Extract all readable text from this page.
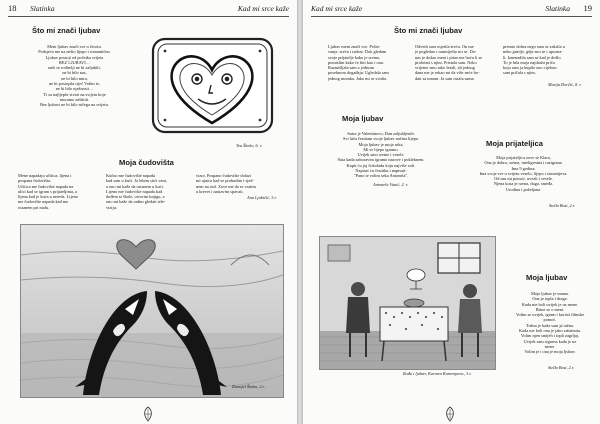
18 Slatinka	Kad mi srce kaže
Što mi znači ljubav
Meni ljubav znači sve u životu.
Podsjeća me na nešto lijepo i romantično.
Ljubav postoji od početka svijeta
BEZ LJUBAVI…
naši se roditelji ne bi zaljubili,
ne bi bilo nas,
ne bi bilo mira,
ne bi postojala riječ Volim te,
ne bi bilo nježnosti…
Ti su najljepše stvari na svijetu koje
moramo zaštititi.
Bez ljubavi ne bi bilo ničega na svijetu.
Tea Škoko, 6. r.
Moja čudovišta
Mene napadaju učitica, lijena i
pospana čudovišta.
Učitica me čudovište napada na
ulici kad se igram s prijateljima, a
lijena kad je kuća u nereda. Lijeno
me čudovište napada kad me
ostanem pri malu.
Kučno me čudovište napada
kad sam u kući. Ja lebim stići vani,
a ono mi kaže da ostanem u kući.
Lijeno me čudovište napada kad
dođem iz škole, otvorim knjigu, a
ono mi kaže da radim gledati tele-
viziju.
vizor. Pospano čudovište dolazi
mi ujutro kad se probudim i sjed-
nem na stol. Zove me da se vratim
u krevet i nastavim spavati.
Ana Ljubičić, 3.r.
Damijel Škoko, 2.r.
Kad mi srce kaže	Slatinka 19
Što mi znači ljubav
Ljubav meni znači sve. Pošto-
vanje, sreću i radost. Dok gledam
svoje prijatelje kako je sretno,
pomislim kako će biti kao i ona.
Razmišljala sam o jednom
posebnom događaju. Ugledala sam
jednog momka. Jako mi se svidio.
Odvedi sam osjetila sreću. On me
je pogledao i nasmiješio mi se. Da-
nas je došao meni i pitao me hoću li se
prošetati s njim. Pristala sam. Neko
vrijeme smo tako šetali, ali jednog
dana me je rekao mi da više neće ho-
dati sa mnom. Ja sam ostala sama.
premio dobra nego sam se zakrila u
neko grmlje, gdje sno se i upozna-
li. Iznenadila sam se kad je došlo.
To je bila moja najdraža priča
koju sam ja kupila ono cijelom
sam pričala s njim.
Marija Dorčić, 8. r.
Moja ljubav
Sutra je Valentinovo, Dan zaljubljenih.
Svi šalu čestitam svoje ljubav načina lijepo.
Moja ljubav je moja seka,
Mi se lijepo igramo.
Uvijek smo sretne i vesele.
Šuta kada zaboravim igramo nazove i pokleknem.
Kupit ću joj čokoladu koju najviše voli.
Napisat ću čestitku i napisati:
"Puno te volim seka Antonela".
Antonela Vunić, 2. r.
Moja prijateljica
Moja prijateljica zove se Klara,
Ona je dobra, sretna, inteligentna i razigrana.
Ima 9 godina.
Ima svoje sve u svijetu veselo, lijepo i razumijeva.
Od nas mi pomoć, uvezli i vesele.
Njena kosa je ravna, duga, smeđa.
Urodina i poželjana.
Stella Bosi, 2.r.
Rođa i ljubav, Karmen Kamenjaroc, 3.r.
Moja ljubav
Moja ljubav je mama.
Ona je topla i draga.
Kada me boli uvijek je uz mene.
Brine se o meni.
Volim se uvijek, igram i koristi filmske
pomoć.
Tužna je kada sam ja tužna.
Kada me boli ona je jako zabrinuta.
Volim njen smijeh i topli zagrljaj.
Uvijek sam sigurna kada je uz
mene.
Volim je i ona je moja ljubav.
Stella Bosi, 2.r.
